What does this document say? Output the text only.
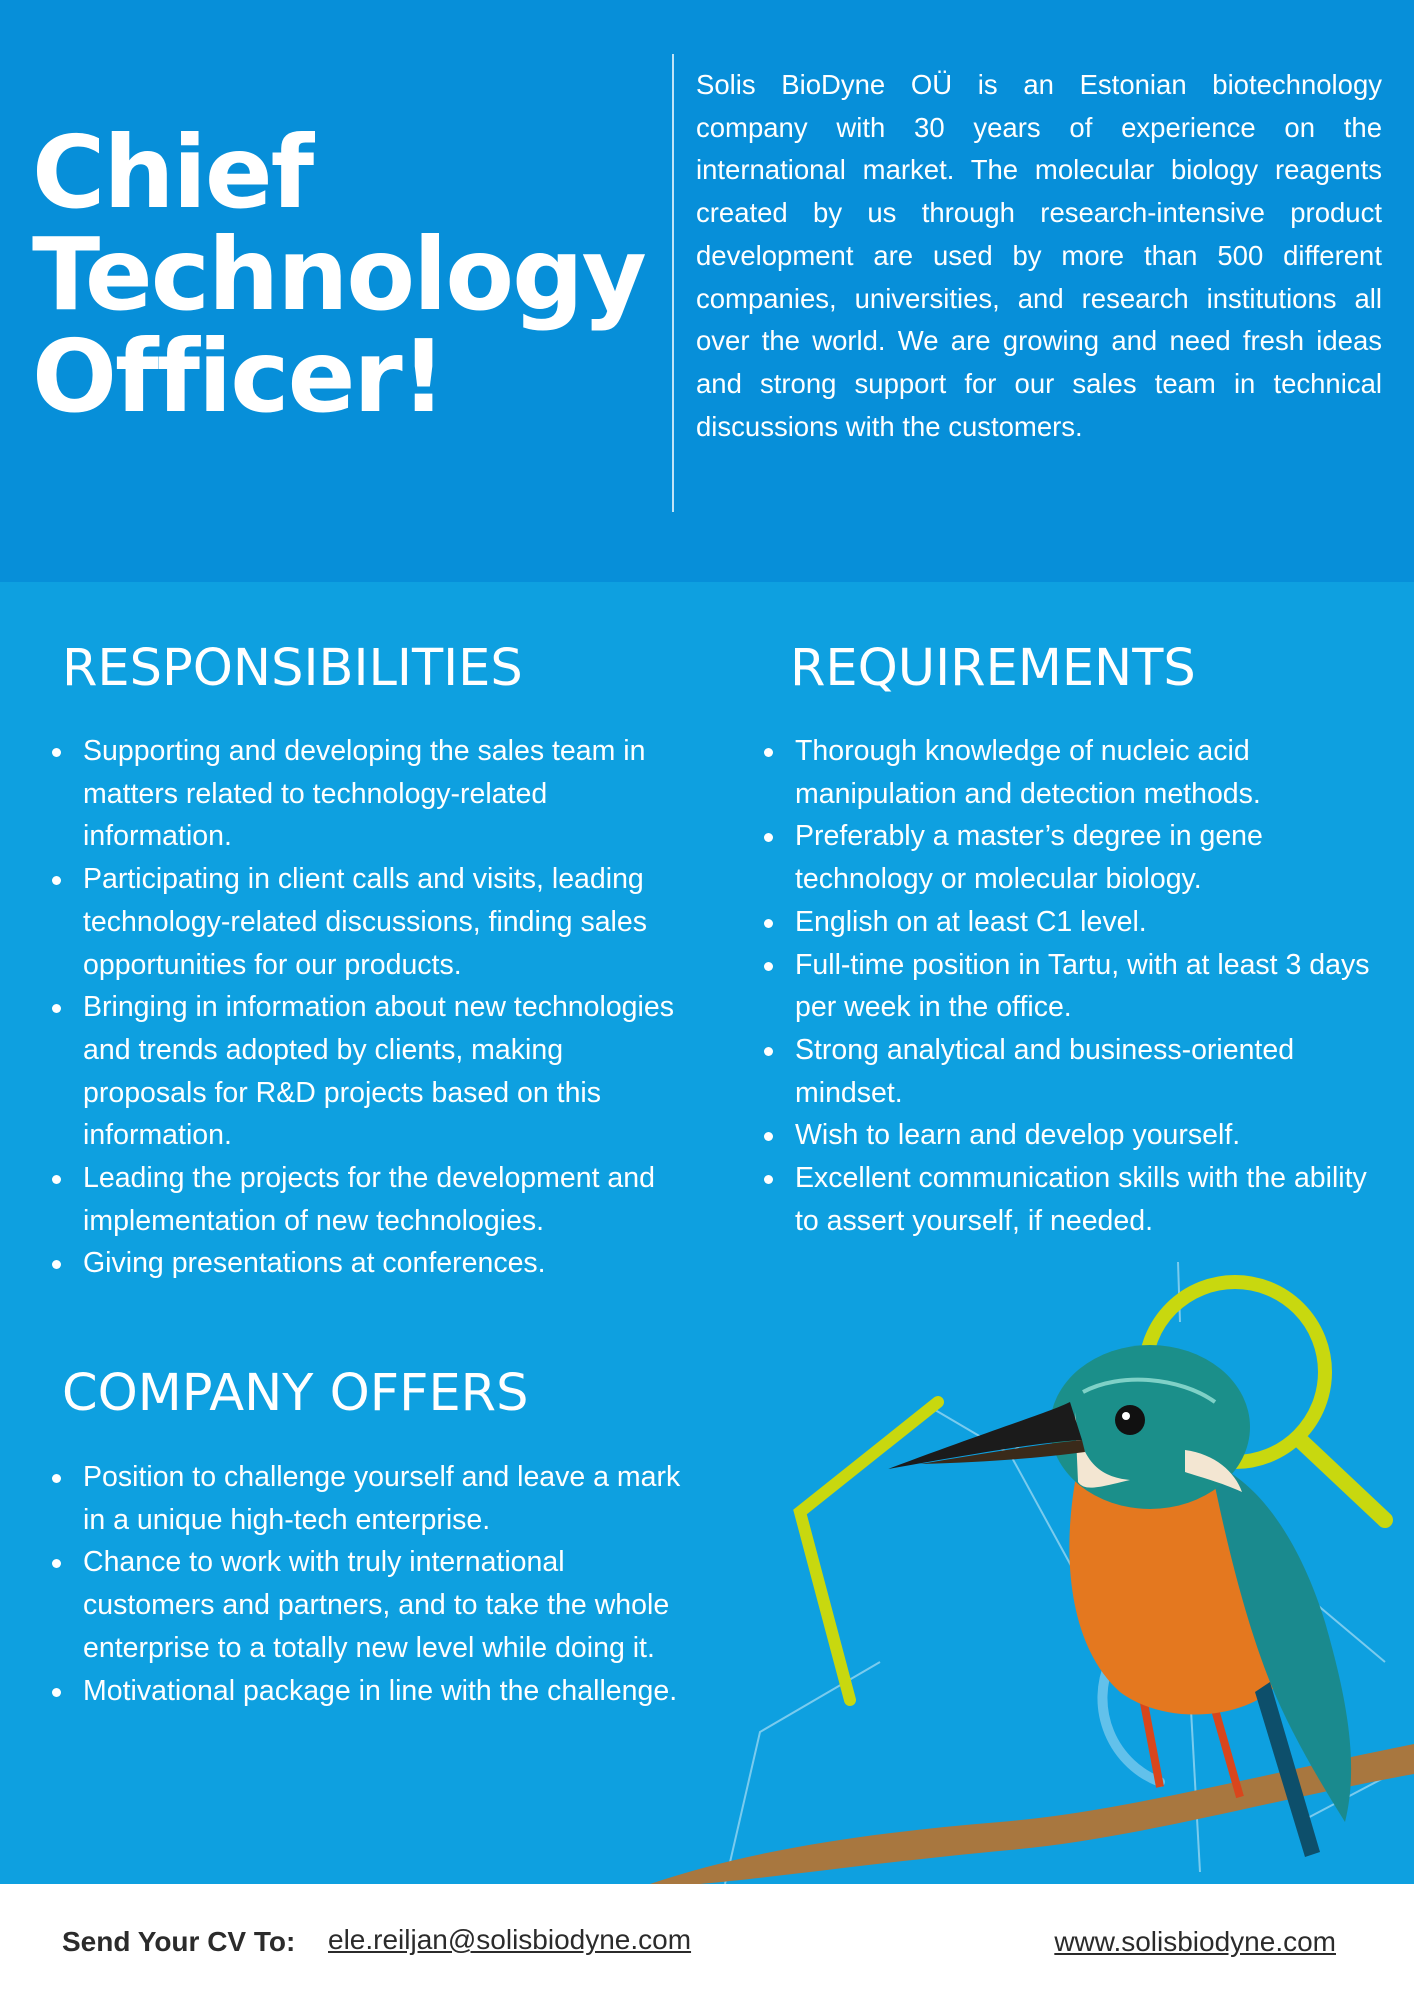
Chief
Technology
Officer!

Solis BioDyne OÜ is an Estonian biotechnology company with 30 years of experience on the international market. The molecular biology reagents created by us through research-intensive product development are used by more than 500 different companies, universities, and research institutions all over the world. We are growing and need fresh ideas and strong support for our sales team in technical discussions with the customers.

RESPONSIBILITIES
Supporting and developing the sales team in matters related to technology-related information.
Participating in client calls and visits, leading technology-related discussions, finding sales opportunities for our products.
Bringing in information about new technologies and trends adopted by clients, making proposals for R&D projects based on this information.
Leading the projects for the development and implementation of new technologies.
Giving presentations at conferences.
REQUIREMENTS
Thorough knowledge of nucleic acid manipulation and detection methods.
Preferably a master’s degree in gene technology or molecular biology.
English on at least C1 level.
Full-time position in Tartu, with at least 3 days per week in the office.
Strong analytical and business-oriented mindset.
Wish to learn and develop yourself.
Excellent communication skills with the ability to assert yourself, if needed.
COMPANY OFFERS
Position to challenge yourself and leave a mark in a unique high-tech enterprise.
Chance to work with truly international customers and partners, and to take the whole enterprise to a totally new level while doing it.
Motivational package in line with the challenge.
Send Your CV To: ele.reiljan@solisbiodyne.com	www.solisbiodyne.com
